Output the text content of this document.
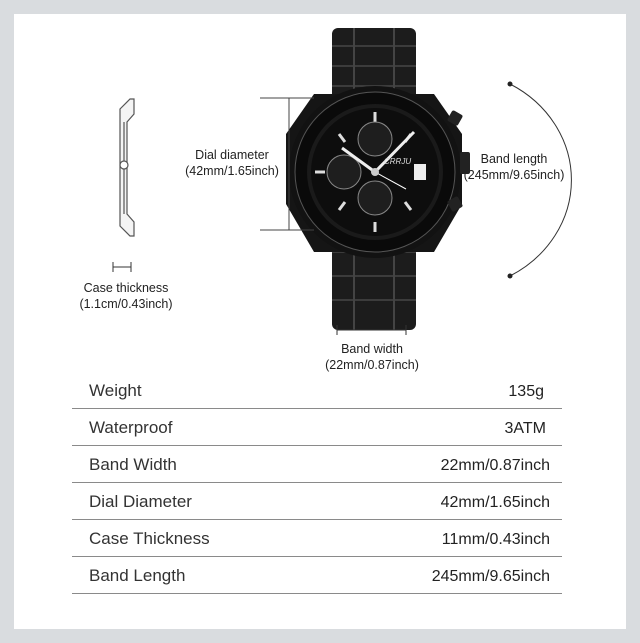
CRRJU
Case thickness
(1.1cm/0.43inch)
Dial diameter
(42mm/1.65inch)
Band length
(245mm/9.65inch)
Band width
(22mm/0.87inch)
Weight	135g
Waterproof	3ATM
Band Width	22mm/0.87inch
Dial Diameter	42mm/1.65inch
Case Thickness	11mm/0.43inch
Band Length	245mm/9.65inch
